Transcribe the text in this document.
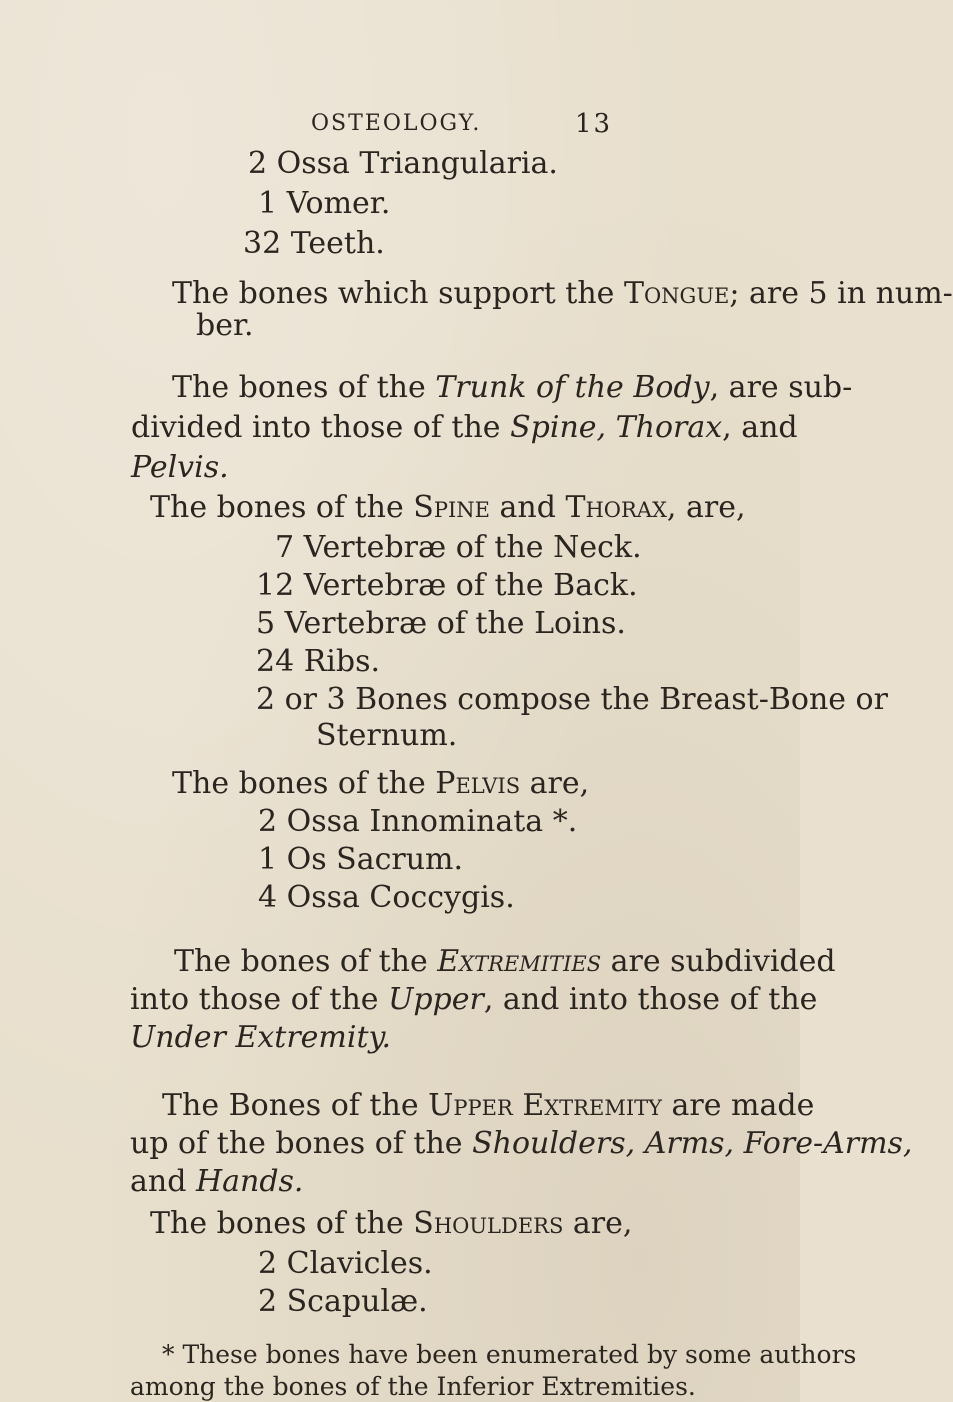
OSTEOLOGY.	13
2 Ossa Triangularia.
1 Vomer.
32 Teeth.
The bones which support the Tongue; are 5 in num-
ber.
The bones of the Trunk of the Body, are sub-
divided into those of the Spine, Thorax, and
Pelvis.
The bones of the Spine and Thorax, are,
7 Vertebræ of the Neck.
12 Vertebræ of the Back.
5 Vertebræ of the Loins.
24 Ribs.
2 or 3 Bones compose the Breast-Bone or
Sternum.
The bones of the Pelvis are,
2 Ossa Innominata *.
1 Os Sacrum.
4 Ossa Coccygis.
The bones of the Extremities are subdivided
into those of the Upper, and into those of the
Under Extremity.
The Bones of the Upper Extremity are made
up of the bones of the Shoulders, Arms, Fore-Arms,
and Hands.
The bones of the Shoulders are,
2 Clavicles.
2 Scapulæ.
* These bones have been enumerated by some authors
among the bones of the Inferior Extremities.
